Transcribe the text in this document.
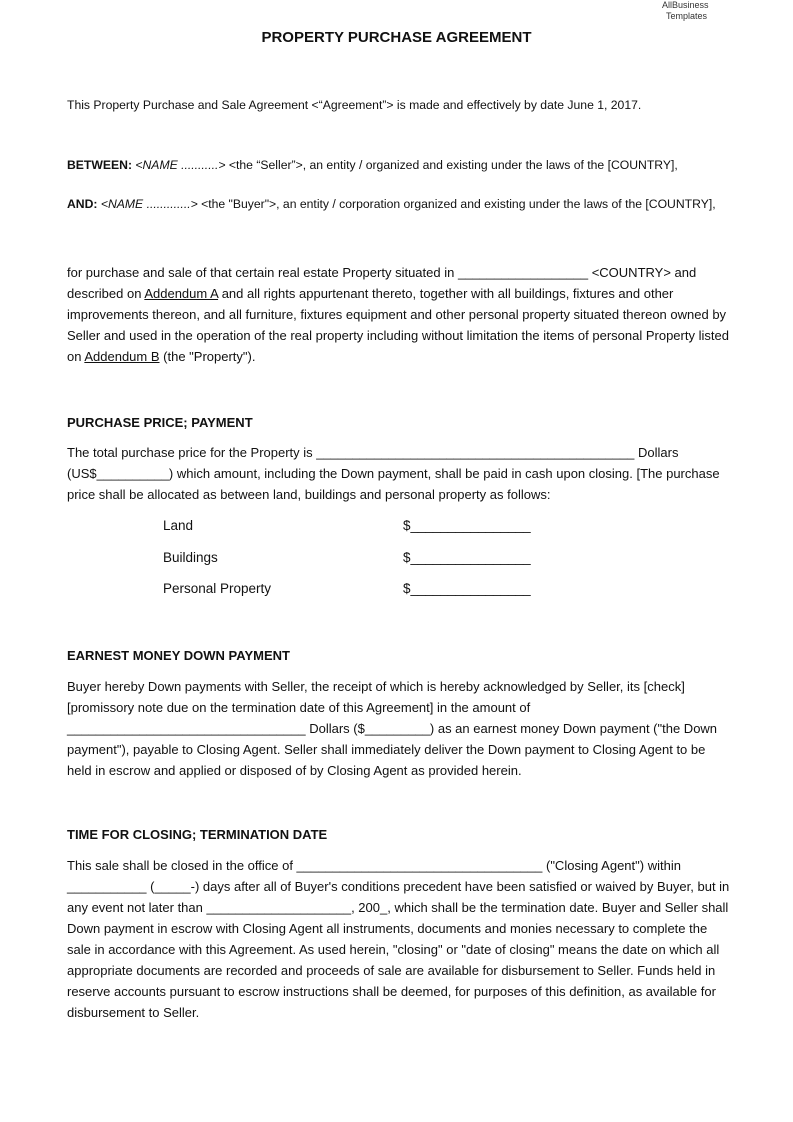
AllBusiness
Templates
PROPERTY PURCHASE AGREEMENT
This Property Purchase and Sale Agreement <“Agreement”> is made and effectively by date June 1, 2017.
BETWEEN: <NAME ...........> <the “Seller”>, an entity / organized and existing under the laws of the [COUNTRY],
AND: <NAME .............> <the "Buyer">, an entity / corporation organized and existing under the laws of the [COUNTRY],
for purchase and sale of that certain real estate Property situated in __________________ <COUNTRY> and described on Addendum A and all rights appurtenant thereto, together with all buildings, fixtures and other improvements thereon, and all furniture, fixtures equipment and other personal property situated thereon owned by Seller and used in the operation of the real property including without limitation the items of personal Property listed on Addendum B (the "Property").
PURCHASE PRICE; PAYMENT
The total purchase price for the Property is ____________________________________________ Dollars (US$__________) which amount, including the Down payment, shall be paid in cash upon closing. [The purchase price shall be allocated as between land, buildings and personal property as follows:
Land	$________________
Buildings	$________________
Personal Property	$________________
EARNEST MONEY DOWN PAYMENT
Buyer hereby Down payments with Seller, the receipt of which is hereby acknowledged by Seller, its [check] [promissory note due on the termination date of this Agreement] in the amount of _________________________________ Dollars ($_________) as an earnest money Down payment ("the Down payment"), payable to Closing Agent. Seller shall immediately deliver the Down payment to Closing Agent to be held in escrow and applied or disposed of by Closing Agent as provided herein.
TIME FOR CLOSING; TERMINATION DATE
This sale shall be closed in the office of __________________________________ ("Closing Agent") within ___________ (_____-) days after all of Buyer's conditions precedent have been satisfied or waived by Buyer, but in any event not later than ____________________, 200_, which shall be the termination date. Buyer and Seller shall Down payment in escrow with Closing Agent all instruments, documents and monies necessary to complete the sale in accordance with this Agreement. As used herein, "closing" or "date of closing" means the date on which all appropriate documents are recorded and proceeds of sale are available for disbursement to Seller. Funds held in reserve accounts pursuant to escrow instructions shall be deemed, for purposes of this definition, as available for disbursement to Seller.
